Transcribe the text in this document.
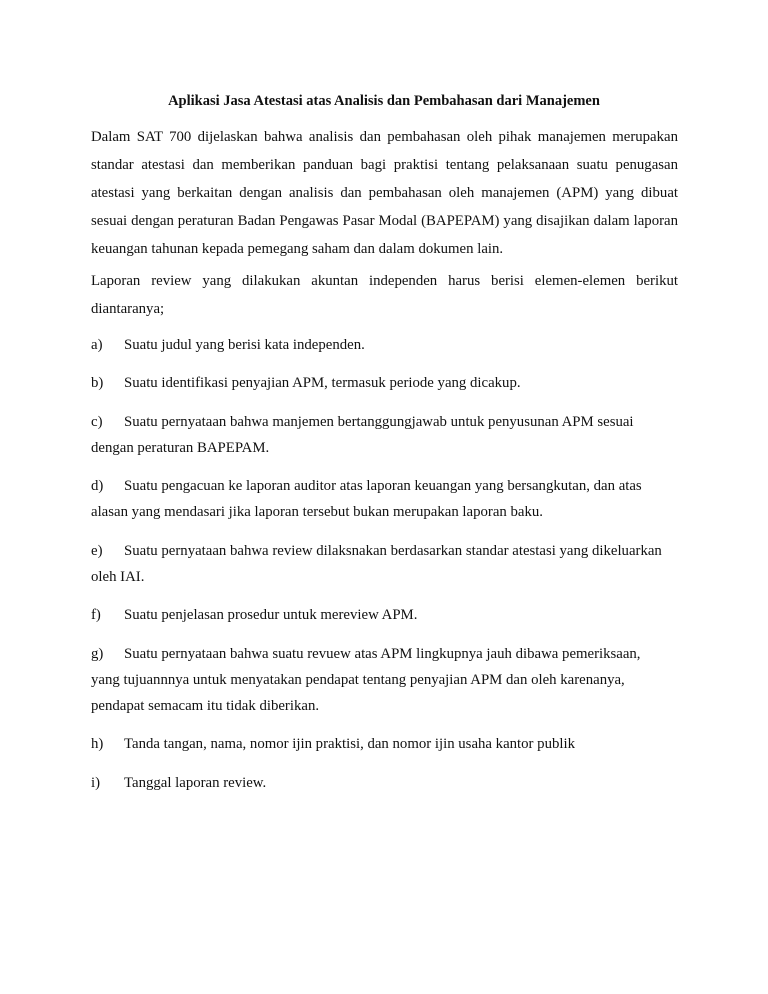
Aplikasi Jasa Atestasi atas Analisis dan Pembahasan dari Manajemen

Dalam SAT 700 dijelaskan bahwa analisis dan pembahasan oleh pihak manajemen merupakan standar atestasi dan memberikan panduan bagi praktisi tentang pelaksanaan suatu penugasan atestasi yang berkaitan dengan analisis dan pembahasan oleh manajemen (APM) yang dibuat sesuai dengan peraturan Badan Pengawas Pasar Modal (BAPEPAM) yang disajikan dalam laporan keuangan tahunan kepada pemegang saham dan dalam dokumen lain.

Laporan review yang dilakukan akuntan independen harus berisi elemen-elemen berikut diantaranya;

a) Suatu judul yang berisi kata independen.
b) Suatu identifikasi penyajian APM, termasuk periode yang dicakup.
c) Suatu pernyataan bahwa manjemen bertanggungjawab untuk penyusunan APM sesuai
dengan peraturan BAPEPAM.
d) Suatu pengacuan ke laporan auditor atas laporan keuangan yang bersangkutan, dan atas
alasan yang mendasari jika laporan tersebut bukan merupakan laporan baku.
e) Suatu pernyataan bahwa review dilaksnakan berdasarkan standar atestasi yang dikeluarkan
oleh IAI.
f) Suatu penjelasan prosedur untuk mereview APM.
g) Suatu pernyataan bahwa suatu revuew atas APM lingkupnya jauh dibawa pemeriksaan,
yang tujuannnya untuk menyatakan pendapat tentang penyajian APM dan oleh karenanya,
pendapat semacam itu tidak diberikan.
h) Tanda tangan, nama, nomor ijin praktisi, dan nomor ijin usaha kantor publik
i) Tanggal laporan review.
